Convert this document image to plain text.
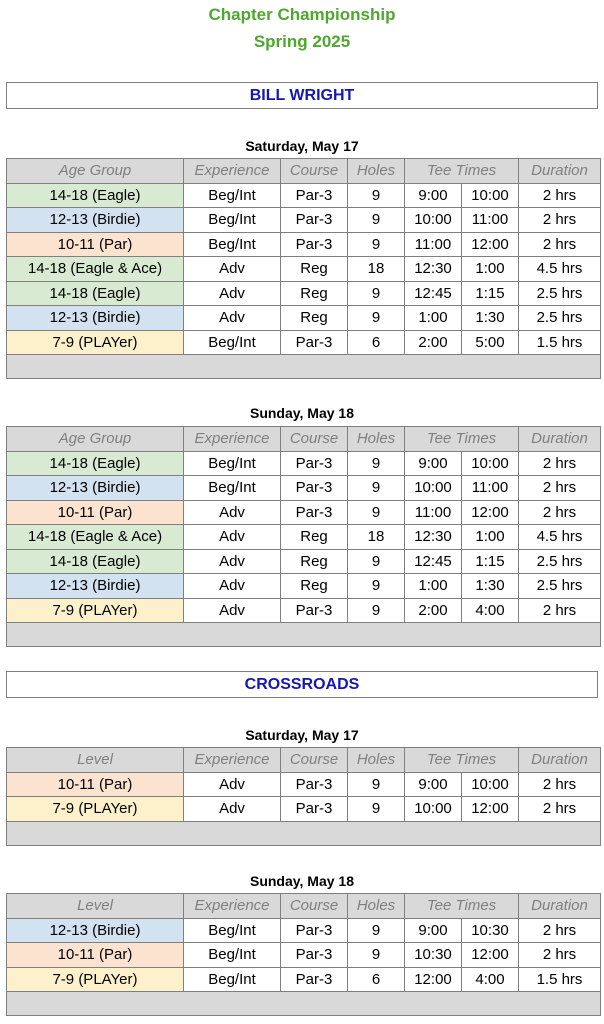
Chapter Championship
Spring 2025
BILL WRIGHT
Saturday, May 17
Age Group	Experience	Course	Holes	Tee Times		Duration
14-18 (Eagle)	Beg/Int	Par-3	9	9:00	10:00	2 hrs
12-13 (Birdie)	Beg/Int	Par-3	9	10:00	11:00	2 hrs
10-11 (Par)	Beg/Int	Par-3	9	11:00	12:00	2 hrs
14-18 (Eagle & Ace)	Adv	Reg	18	12:30	1:00	4.5 hrs
14-18 (Eagle)	Adv	Reg	9	12:45	1:15	2.5 hrs
12-13 (Birdie)	Adv	Reg	9	1:00	1:30	2.5 hrs
7-9 (PLAYer)	Beg/Int	Par-3	6	2:00	5:00	1.5 hrs

Sunday, May 18
Age Group	Experience	Course	Holes	Tee Times		Duration
14-18 (Eagle)	Beg/Int	Par-3	9	9:00	10:00	2 hrs
12-13 (Birdie)	Beg/Int	Par-3	9	10:00	11:00	2 hrs
10-11 (Par)	Adv	Par-3	9	11:00	12:00	2 hrs
14-18 (Eagle & Ace)	Adv	Reg	18	12:30	1:00	4.5 hrs
14-18 (Eagle)	Adv	Reg	9	12:45	1:15	2.5 hrs
12-13 (Birdie)	Adv	Reg	9	1:00	1:30	2.5 hrs
7-9 (PLAYer)	Adv	Par-3	9	2:00	4:00	2 hrs

CROSSROADS
Saturday, May 17
Level	Experience	Course	Holes	Tee Times		Duration
10-11 (Par)	Adv	Par-3	9	9:00	10:00	2 hrs
7-9 (PLAYer)	Adv	Par-3	9	10:00	12:00	2 hrs

Sunday, May 18
Level	Experience	Course	Holes	Tee Times		Duration
12-13 (Birdie)	Beg/Int	Par-3	9	9:00	10:30	2 hrs
10-11 (Par)	Beg/Int	Par-3	9	10:30	12:00	2 hrs
7-9 (PLAYer)	Beg/Int	Par-3	6	12:00	4:00	1.5 hrs
